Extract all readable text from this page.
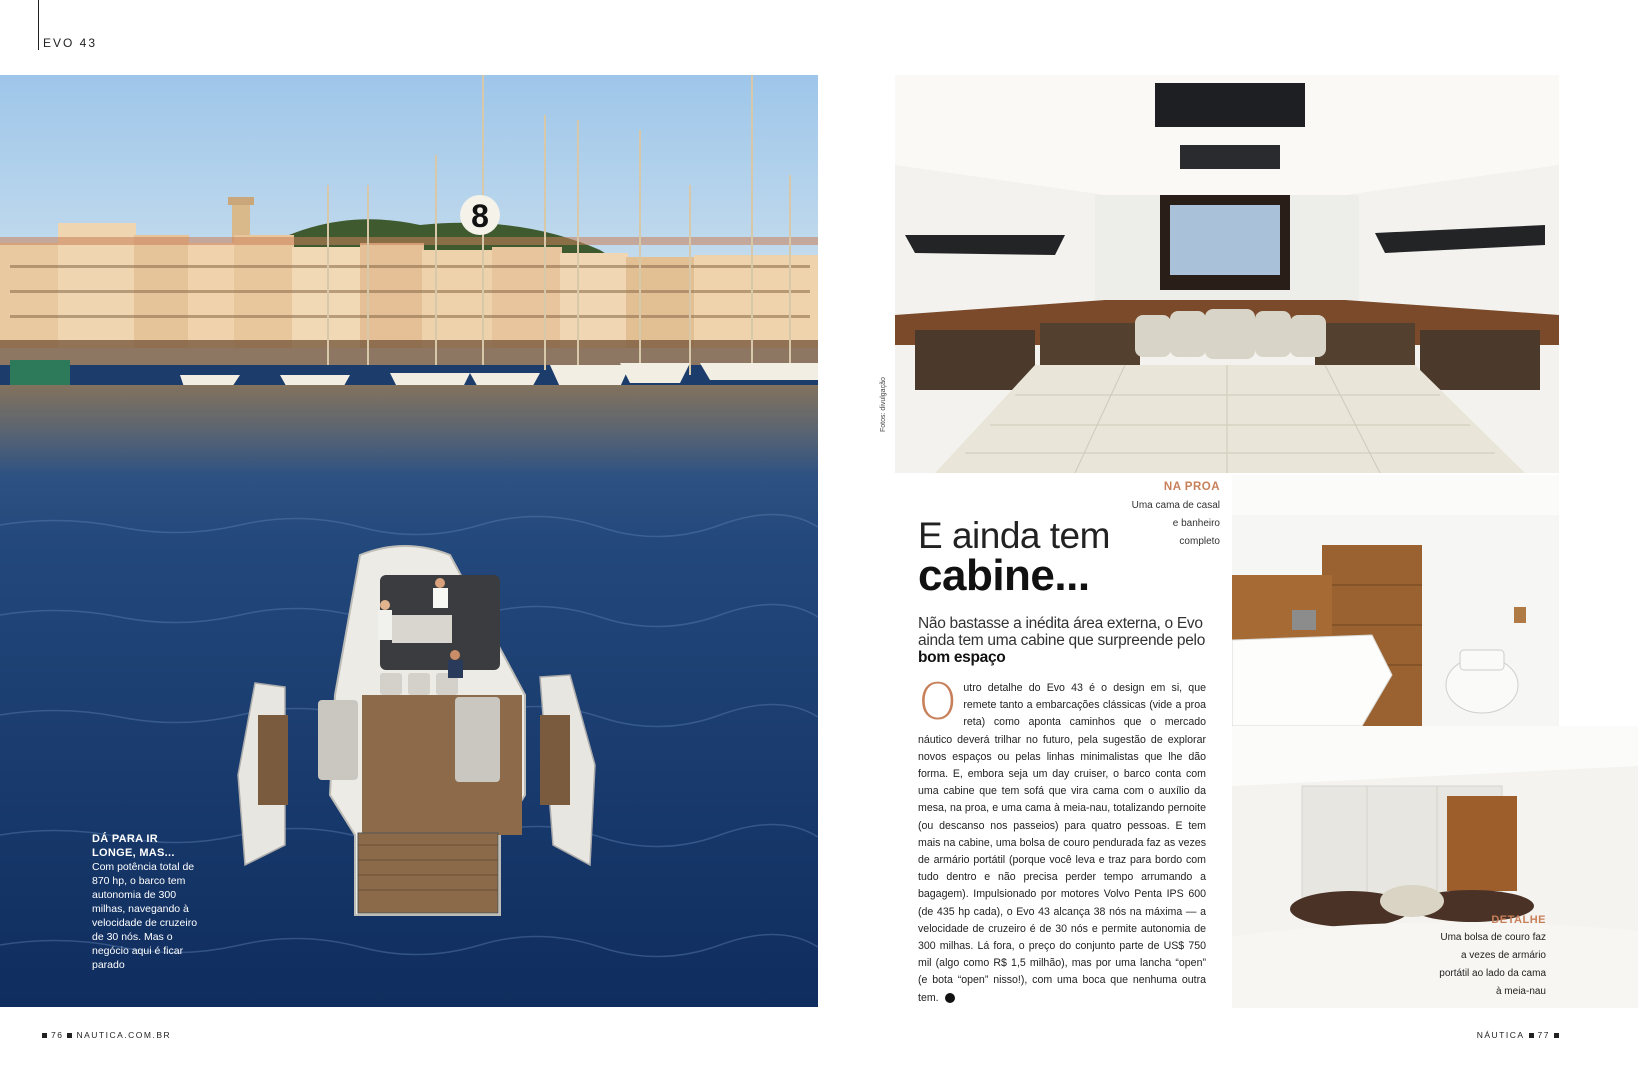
EVO 43
8
DÁ PARA IR LONGE, MAS...
Com potência total de 870 hp, o barco tem autonomia de 300 milhas, navegando à velocidade de cruzeiro de 30 nós. Mas o negócio aqui é ficar parado
Fotos: divulgação
NA PROA
Uma cama de casal e banheiro completo
E ainda tem
cabine...
Não bastasse a inédita área externa, o Evo ainda tem uma cabine que surpreende pelo bom espaço
Outro detalhe do Evo 43 é o design em si, que remete tanto a embarcações clássicas (vide a proa reta) como aponta caminhos que o mercado náutico deverá trilhar no futuro, pela sugestão de explorar novos espaços ou pelas linhas minimalistas que lhe dão forma. E, embora seja um day cruiser, o barco conta com uma cabine que tem sofá que vira cama com o auxílio da mesa, na proa, e uma cama à meia-nau, totalizando pernoite (ou descanso nos passeios) para quatro pessoas. E tem mais na cabine, uma bolsa de couro pendurada faz as vezes de armário portátil (porque você leva e traz para bordo com tudo dentro e não precisa perder tempo arrumando a bagagem). Impulsionado por motores Volvo Penta IPS 600 (de 435 hp cada), o Evo 43 alcança 38 nós na máxima — a velocidade de cruzeiro é de 30 nós e permite autonomia de 300 milhas. Lá fora, o preço do conjunto parte de US$ 750 mil (algo como R$ 1,5 milhão), mas por uma lancha “open” (e bota “open” nisso!), com uma boca que nenhuma outra tem.
DETALHE
Uma bolsa de couro faz a vezes de armário portátil ao lado da cama à meia-nau
76 NAUTICA.COM.BR	NÁUTICA 77
